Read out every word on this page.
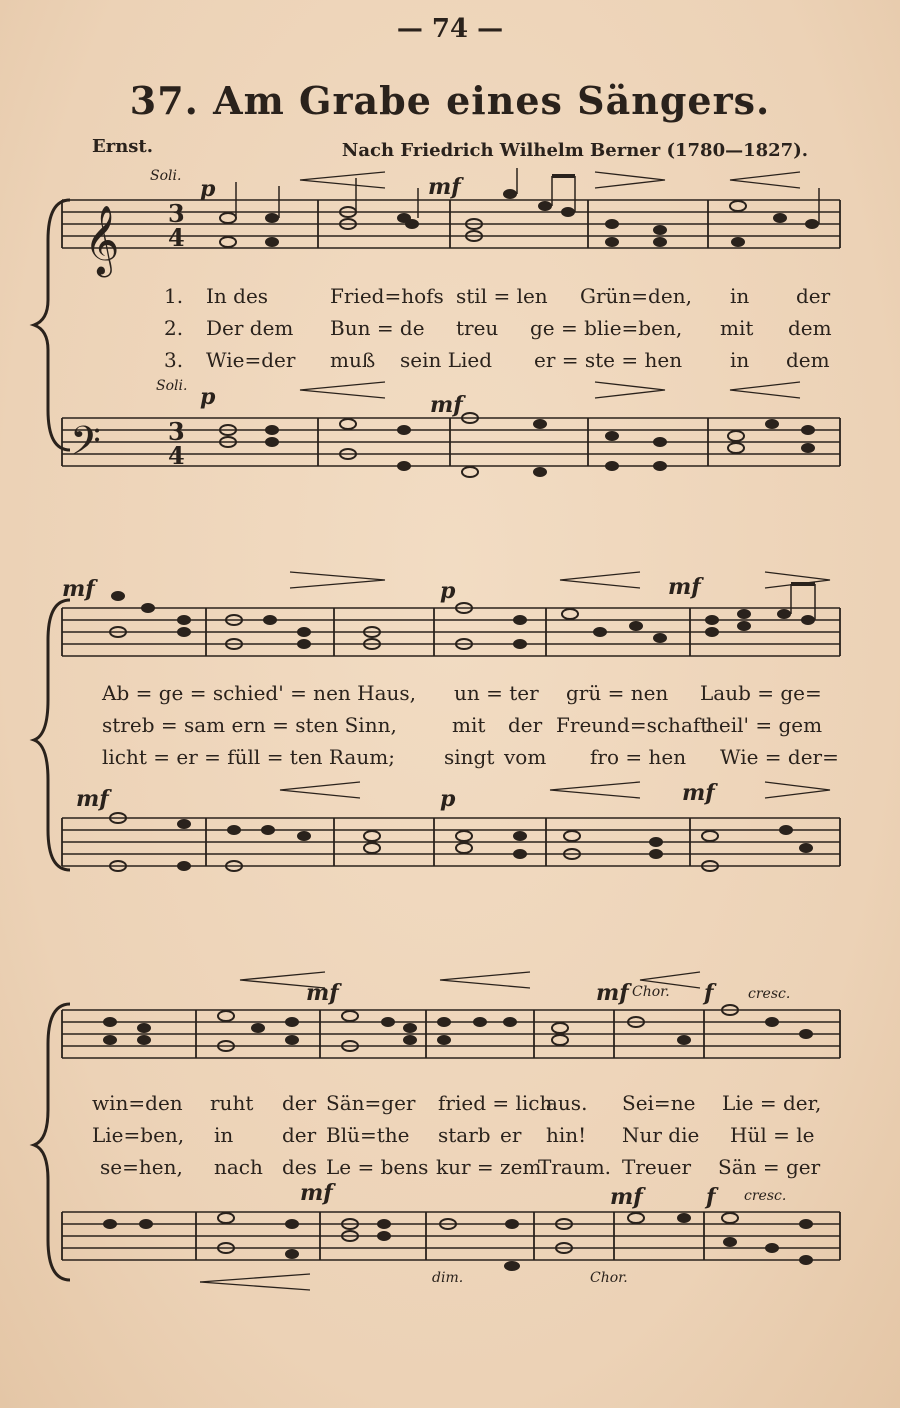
— 74 —
37. Am Grabe eines Sängers.
Ernst.	Nach Friedrich Wilhelm Berner (1780—1827).
𝄞 3
4
Soli. p	mf
1.
2.
3.
In des	Fried=hofs stil = len Grün=den, in der
Der dem Bun = de treu ge = blie=ben, mit dem
Wie=der muß sein Lied er = ste = hen in dem
Soli. p	mf
𝄢	3
4
mf	p	mf
Ab = ge = schied' = nen Haus, un = ter grü = nen Laub = ge=
streb = sam ern = sten Sinn,	mit der Freund=schaft
heil' = gem
licht = er = füll = ten Raum; singt vom fro = hen Wie = der=
mf	p	mf
mf	mf Chor. f cresc.
win=den ruht der Sän=ger fried = lich
aus. Sei=ne Lie = der,
Lie=ben, in der Blü=the starb er hin! Nur die Hül = le
se=hen, nach des Le = bens kur = zem
Traum. Treuer Sän = ger
mf	mf	f cresc.
dim.	Chor.
